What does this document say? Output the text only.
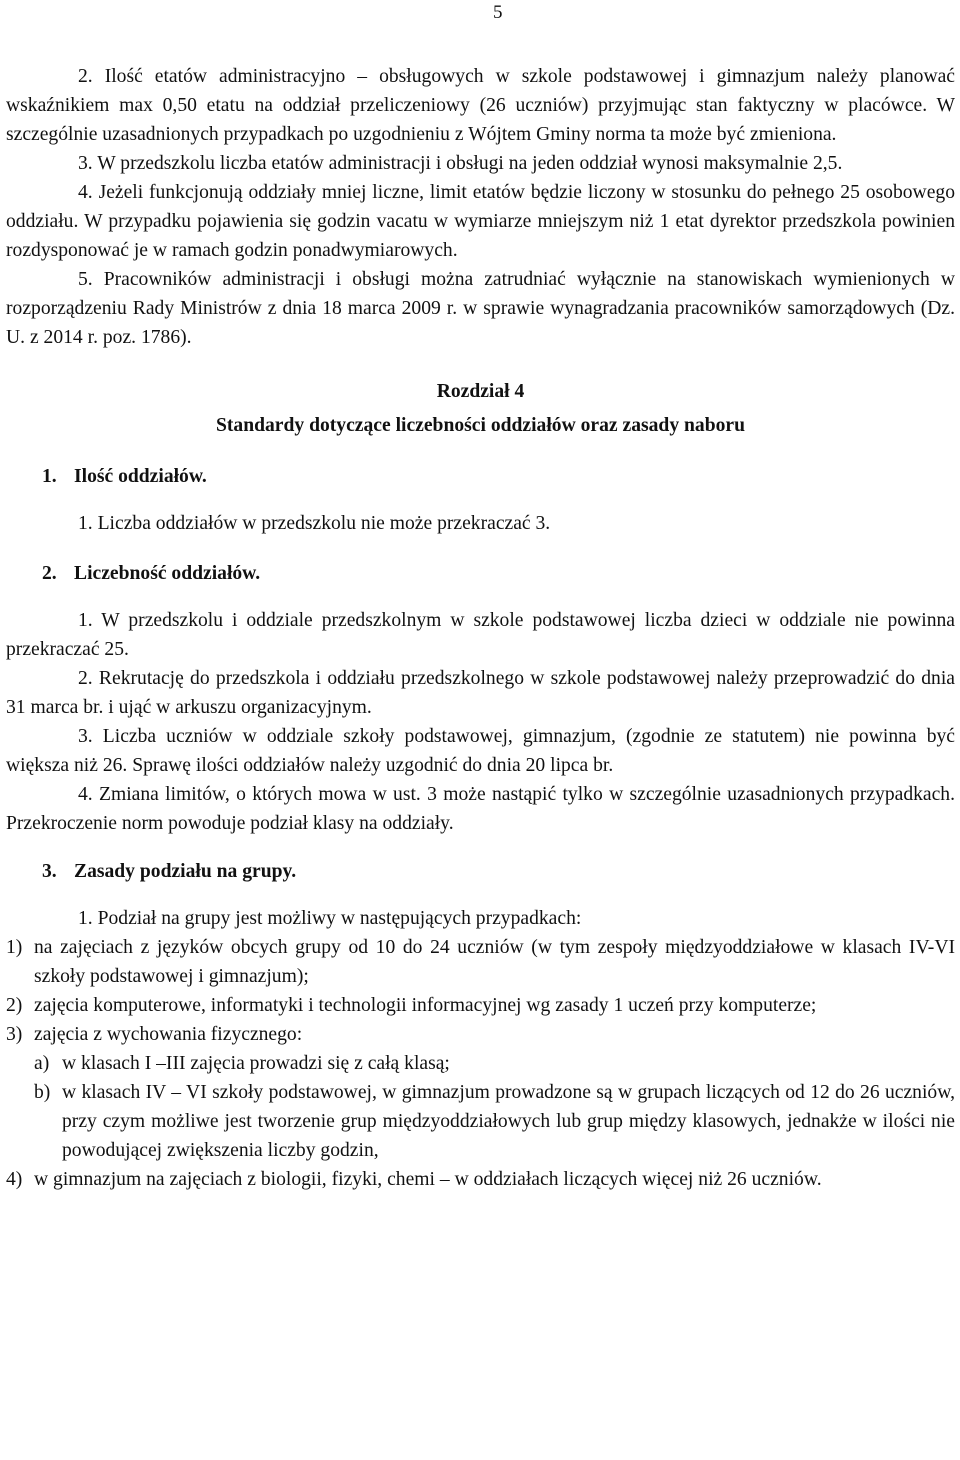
5

2. Ilość etatów administracyjno – obsługowych w szkole podstawowej i gimnazjum należy planować wskaźnikiem max 0,50 etatu na oddział przeliczeniowy (26 uczniów) przyjmując stan faktyczny w placówce. W szczególnie uzasadnionych przypadkach po uzgodnieniu z Wójtem Gminy norma ta może być zmieniona.

3. W przedszkolu liczba etatów administracji i obsługi na jeden oddział wynosi maksymalnie 2,5.

4. Jeżeli funkcjonują oddziały mniej liczne, limit etatów będzie liczony w stosunku do pełnego 25 osobowego oddziału. W przypadku pojawienia się godzin vacatu w wymiarze mniejszym niż 1 etat dyrektor przedszkola powinien rozdysponować je w ramach godzin ponadwymiarowych.

5. Pracowników administracji i obsługi można zatrudniać wyłącznie na stanowiskach wymienionych w rozporządzeniu Rady Ministrów z dnia 18 marca 2009 r. w sprawie wynagradzania pracowników samorządowych (Dz. U. z 2014 r. poz. 1786).

Rozdział 4

Standardy dotyczące liczebności oddziałów oraz zasady naboru

1. Ilość oddziałów.

1. Liczba oddziałów w przedszkolu nie może przekraczać 3.

2. Liczebność oddziałów.

1. W przedszkolu i oddziale przedszkolnym w szkole podstawowej liczba dzieci w oddziale nie powinna przekraczać 25.

2. Rekrutację do przedszkola i oddziału przedszkolnego w szkole podstawowej należy przeprowadzić do dnia 31 marca br. i ująć w arkuszu organizacyjnym.

3. Liczba uczniów w oddziale szkoły podstawowej, gimnazjum, (zgodnie ze statutem) nie powinna być większa niż 26. Sprawę ilości oddziałów należy uzgodnić do dnia 20 lipca br.

4. Zmiana limitów, o których mowa w ust. 3 może nastąpić tylko w szczególnie uzasadnionych przypadkach. Przekroczenie norm powoduje podział klasy na oddziały.

3. Zasady podziału na grupy.

1. Podział na grupy jest możliwy w następujących przypadkach:

1) na zajęciach z języków obcych grupy od 10 do 24 uczniów (w tym zespoły międzyoddziałowe w klasach IV-VI szkoły podstawowej i gimnazjum);
2) zajęcia komputerowe, informatyki i technologii informacyjnej wg zasady 1 uczeń przy komputerze;
3) zajęcia z wychowania fizycznego:
a) w klasach I –III zajęcia prowadzi się z całą klasą;
b) w klasach IV – VI szkoły podstawowej, w gimnazjum prowadzone są w grupach liczących od 12 do 26 uczniów, przy czym możliwe jest tworzenie grup międzyoddziałowych lub grup między klasowych, jednakże w ilości nie powodującej zwiększenia liczby godzin,
4) w gimnazjum na zajęciach z biologii, fizyki, chemi – w oddziałach liczących więcej niż 26 uczniów.
